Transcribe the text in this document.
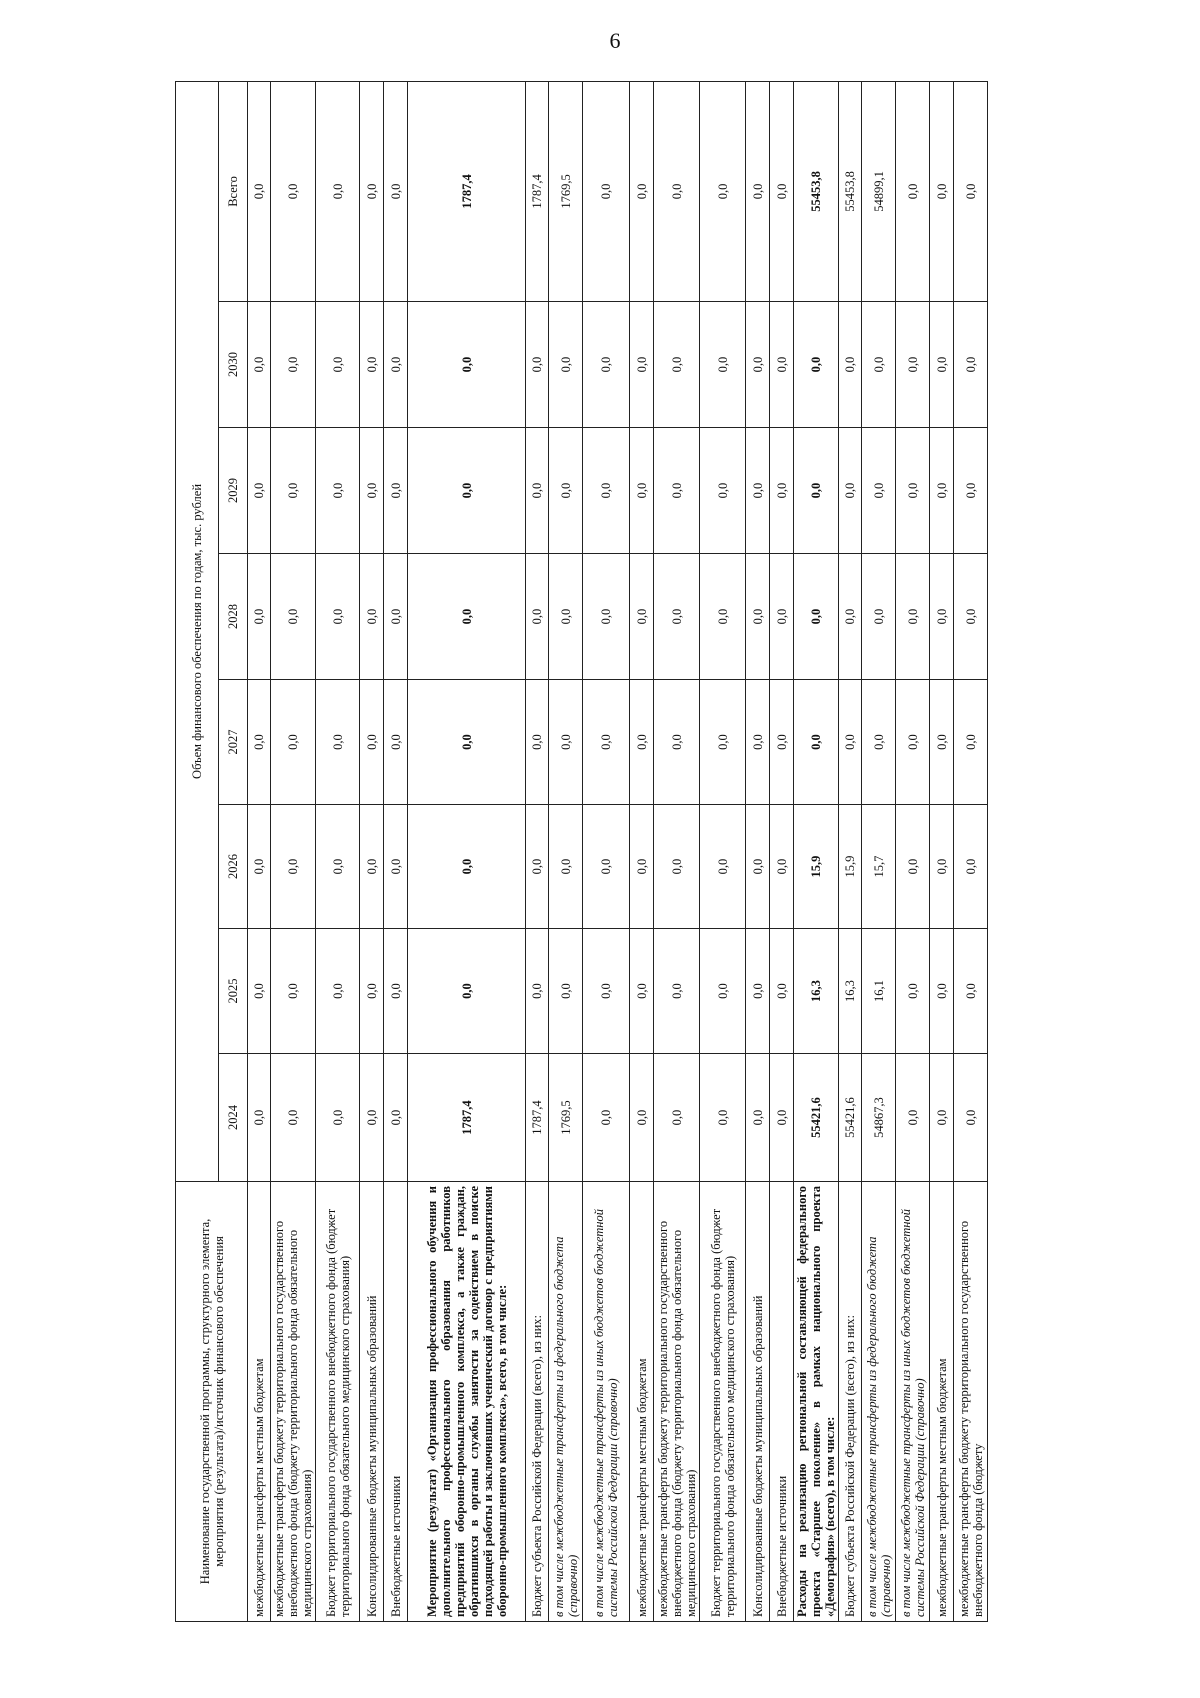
6
Наименование государственной программы, структурного элемента, мероприятия (результата)/источник финансового обеспечения	Объем финансового обеспечения по годам, тыс. рублей							
	2024	2025	2026	2027	2028	2029	2030	Всего
межбюджетные трансферты местным бюджетам	0,0	0,0	0,0	0,0	0,0	0,0	0,0	0,0
межбюджетные трансферты бюджету территориального государственного внебюджетного фонда (бюджету территориального фонда обязательного медицинского страхования)	0,0	0,0	0,0	0,0	0,0	0,0	0,0	0,0
Бюджет территориального государственного внебюджетного фонда (бюджет территориального фонда обязательного медицинского страхования)	0,0	0,0	0,0	0,0	0,0	0,0	0,0	0,0
Консолидированные бюджеты муниципальных образований	0,0	0,0	0,0	0,0	0,0	0,0	0,0	0,0
Внебюджетные источники	0,0	0,0	0,0	0,0	0,0	0,0	0,0	0,0
Мероприятие (результат) «Организация профессионального обучения и дополнительного профессионального образования работников предприятий оборонно-промышленного комплекса, а также граждан, обратившихся в органы службы занятости за содействием в поиске подходящей работы и заключивших ученический договор с предприятиями оборонно-промышленного комплекса», всего, в том числе:	1787,4	0,0	0,0	0,0	0,0	0,0	0,0	1787,4
Бюджет субъекта Российской Федерации (всего), из них:	1787,4	0,0	0,0	0,0	0,0	0,0	0,0	1787,4
в том числе межбюджетные трансферты из федерального бюджета (справочно)	1769,5	0,0	0,0	0,0	0,0	0,0	0,0	1769,5
в том числе межбюджетные трансферты из иных бюджетов бюджетной системы Российской Федерации (справочно)	0,0	0,0	0,0	0,0	0,0	0,0	0,0	0,0
межбюджетные трансферты местным бюджетам	0,0	0,0	0,0	0,0	0,0	0,0	0,0	0,0
межбюджетные трансферты бюджету территориального государственного внебюджетного фонда (бюджету территориального фонда обязательного медицинского страхования)	0,0	0,0	0,0	0,0	0,0	0,0	0,0	0,0
Бюджет территориального государственного внебюджетного фонда (бюджет территориального фонда обязательного медицинского страхования)	0,0	0,0	0,0	0,0	0,0	0,0	0,0	0,0
Консолидированные бюджеты муниципальных образований	0,0	0,0	0,0	0,0	0,0	0,0	0,0	0,0
Внебюджетные источники	0,0	0,0	0,0	0,0	0,0	0,0	0,0	0,0
Расходы на реализацию региональной составляющей федерального проекта «Старшее поколение» в рамках национального проекта «Демография» (всего), в том числе:	55421,6	16,3	15,9	0,0	0,0	0,0	0,0	55453,8
Бюджет субъекта Российской Федерации (всего), из них:	55421,6	16,3	15,9	0,0	0,0	0,0	0,0	55453,8
в том числе межбюджетные трансферты из федерального бюджета (справочно)	54867,3	16,1	15,7	0,0	0,0	0,0	0,0	54899,1
в том числе межбюджетные трансферты из иных бюджетов бюджетной системы Российской Федерации (справочно)	0,0	0,0	0,0	0,0	0,0	0,0	0,0	0,0
межбюджетные трансферты местным бюджетам	0,0	0,0	0,0	0,0	0,0	0,0	0,0	0,0
межбюджетные трансферты бюджету территориального государственного внебюджетного фонда (бюджету	0,0	0,0	0,0	0,0	0,0	0,0	0,0	0,0
